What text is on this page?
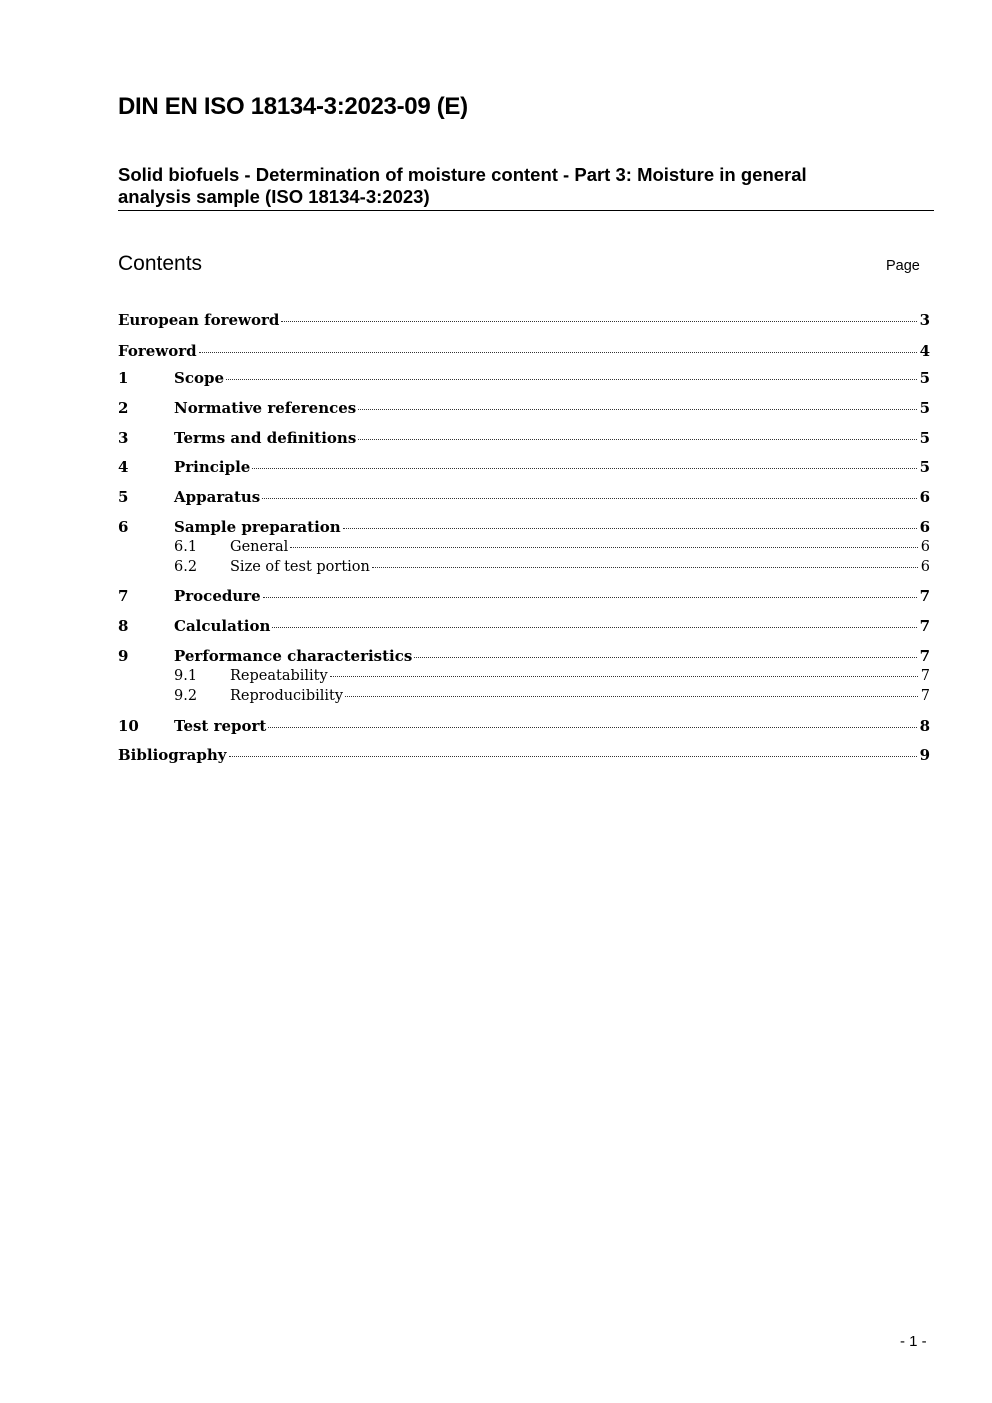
DIN EN ISO 18134-3:2023-09 (E)
Solid biofuels - Determination of moisture content - Part 3: Moisture in general
analysis sample (ISO 18134-3:2023)
Contents	Page
European foreword	3
Foreword	4
1	Scope	5
2	Normative references	5
3	Terms and definitions	5
4	Principle	5
5	Apparatus	6
6	Sample preparation	6
6.1	General	6
6.2	Size of test portion	6
7	Procedure	7
8	Calculation	7
9	Performance characteristics	7
9.1	Repeatability	7
9.2	Reproducibility	7
10	Test report	8
Bibliography	9
- 1 -
